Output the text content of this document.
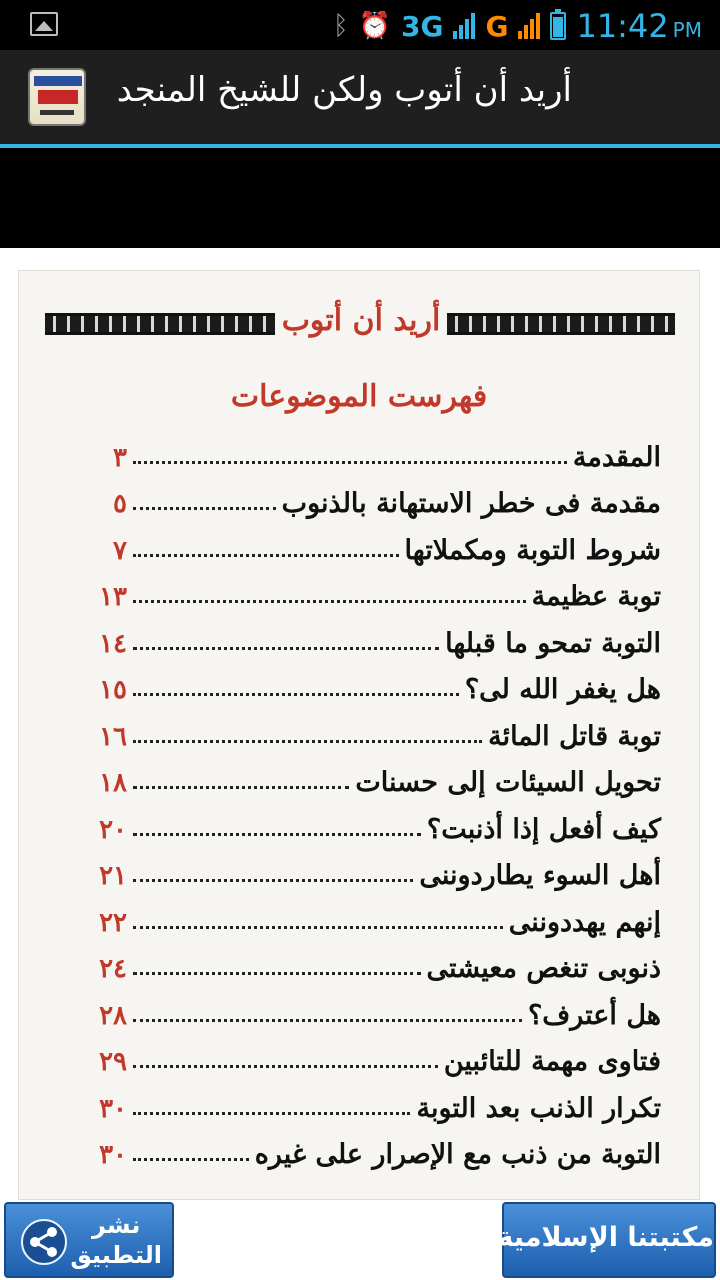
ᛒ ⏰ 3G G 11:42 PM
أريد أن أتوب ولكن للشيخ المنجد
أريد أن أتوب
فهرست الموضوعات
المقدمة
٣
مقدمة فى خطر الاستهانة بالذنوب
٥
شروط التوبة ومكملاتها
٧
توبة عظيمة
١٣
التوبة تمحو ما قبلها
١٤
هل يغفر الله لى؟
١٥
توبة قاتل المائة
١٦
تحويل السيئات إلى حسنات
١٨
كيف أفعل إذا أذنبت؟
٢٠
أهل السوء يطاردوننى
٢١
إنهم يهددوننى
٢٢
ذنوبى تنغص معيشتى
٢٤
هل أعترف؟
٢٨
فتاوى مهمة للتائبين
٢٩
تكرار الذنب بعد التوبة
٣٠
التوبة من ذنب مع الإصرار على غيره
٣٠
نشر
التطبيق
مكتبتنا الإسلامية
